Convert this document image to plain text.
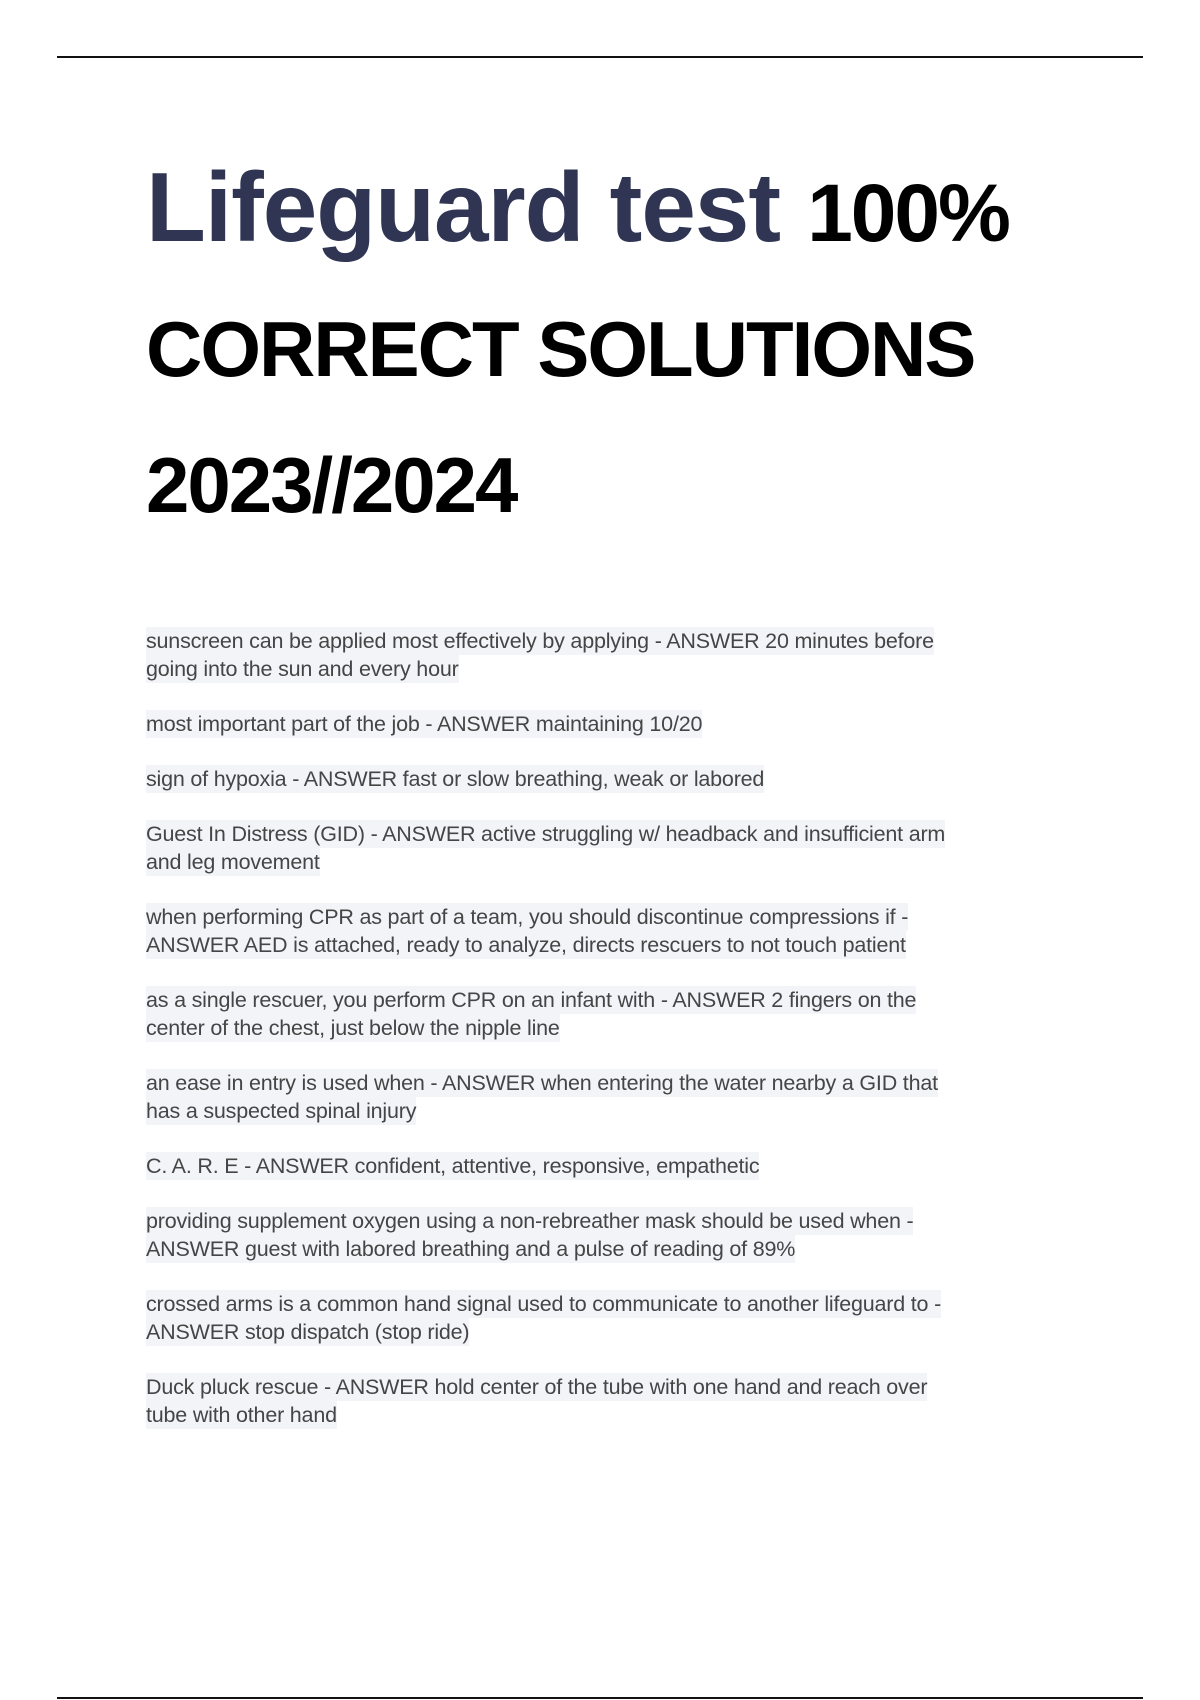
Lifeguard test 100%
CORRECT SOLUTIONS
2023//2024
sunscreen can be applied most effectively by applying - ANSWER 20 minutes before
going into the sun and every hour
most important part of the job - ANSWER maintaining 10/20
sign of hypoxia - ANSWER fast or slow breathing, weak or labored
Guest In Distress (GID) - ANSWER active struggling w/ headback and insufficient arm
and leg movement
when performing CPR as part of a team, you should discontinue compressions if -
ANSWER AED is attached, ready to analyze, directs rescuers to not touch patient
as a single rescuer, you perform CPR on an infant with - ANSWER 2 fingers on the
center of the chest, just below the nipple line
an ease in entry is used when - ANSWER when entering the water nearby a GID that
has a suspected spinal injury
C. A. R. E - ANSWER confident, attentive, responsive, empathetic
providing supplement oxygen using a non-rebreather mask should be used when -
ANSWER guest with labored breathing and a pulse of reading of 89%
crossed arms is a common hand signal used to communicate to another lifeguard to -
ANSWER stop dispatch (stop ride)
Duck pluck rescue - ANSWER hold center of the tube with one hand and reach over
tube with other hand
